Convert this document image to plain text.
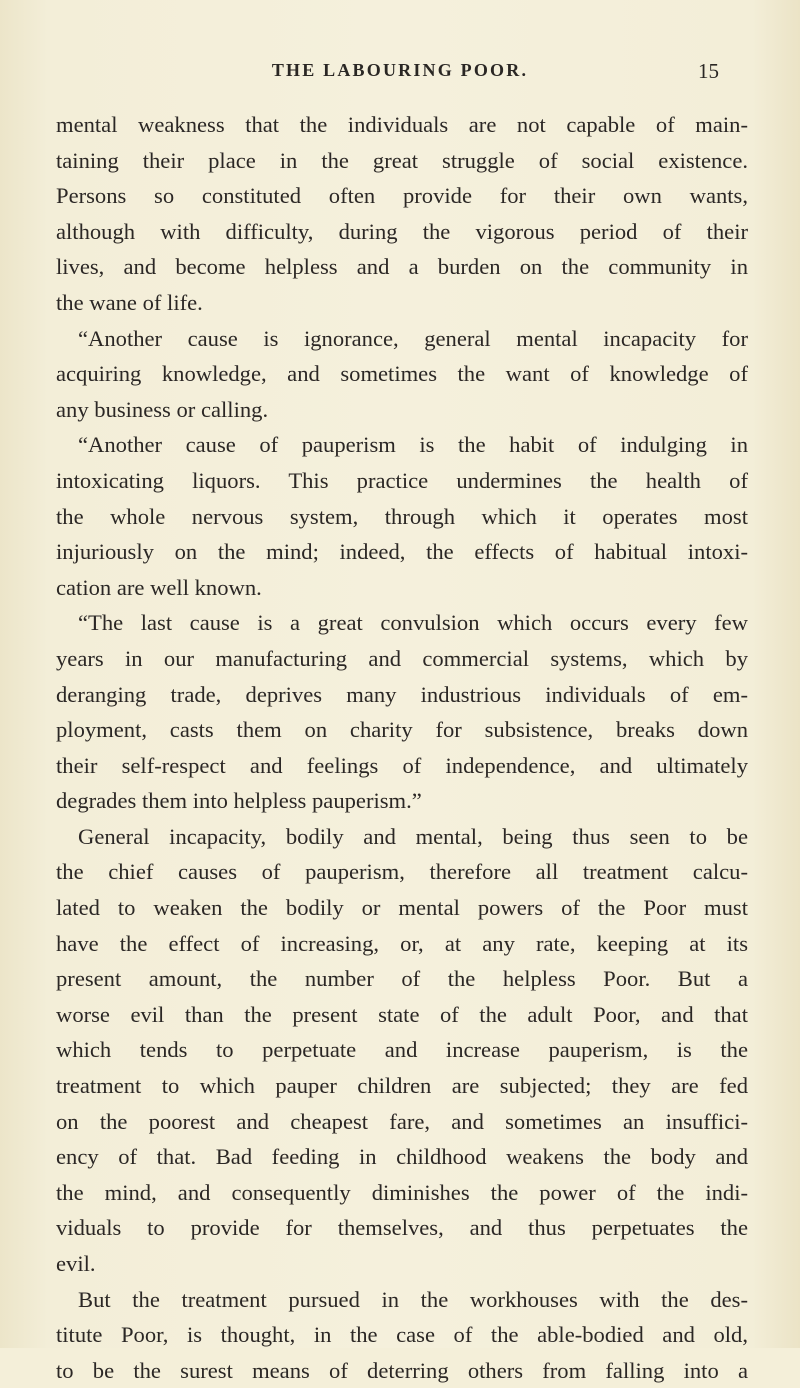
THE LABOURING POOR.	15
mental weakness that the individuals are not capable of main-
taining their place in the great struggle of social existence.
Persons so constituted often provide for their own wants,
although with difficulty, during the vigorous period of their
lives, and become helpless and a burden on the community in
the wane of life.
“Another cause is ignorance, general mental incapacity for
acquiring knowledge, and sometimes the want of knowledge of
any business or calling.
“Another cause of pauperism is the habit of indulging in
intoxicating liquors. This practice undermines the health of
the whole nervous system, through which it operates most
injuriously on the mind; indeed, the effects of habitual intoxi-
cation are well known.
“The last cause is a great convulsion which occurs every few
years in our manufacturing and commercial systems, which by
deranging trade, deprives many industrious individuals of em-
ployment, casts them on charity for subsistence, breaks down
their self-respect and feelings of independence, and ultimately
degrades them into helpless pauperism.”
General incapacity, bodily and mental, being thus seen to be
the chief causes of pauperism, therefore all treatment calcu-
lated to weaken the bodily or mental powers of the Poor must
have the effect of increasing, or, at any rate, keeping at its
present amount, the number of the helpless Poor. But a
worse evil than the present state of the adult Poor, and that
which tends to perpetuate and increase pauperism, is the
treatment to which pauper children are subjected; they are fed
on the poorest and cheapest fare, and sometimes an insuffici-
ency of that. Bad feeding in childhood weakens the body and
the mind, and consequently diminishes the power of the indi-
viduals to provide for themselves, and thus perpetuates the
evil.
But the treatment pursued in the workhouses with the des-
titute Poor, is thought, in the case of the able-bodied and old,
to be the surest means of deterring others from falling into a
